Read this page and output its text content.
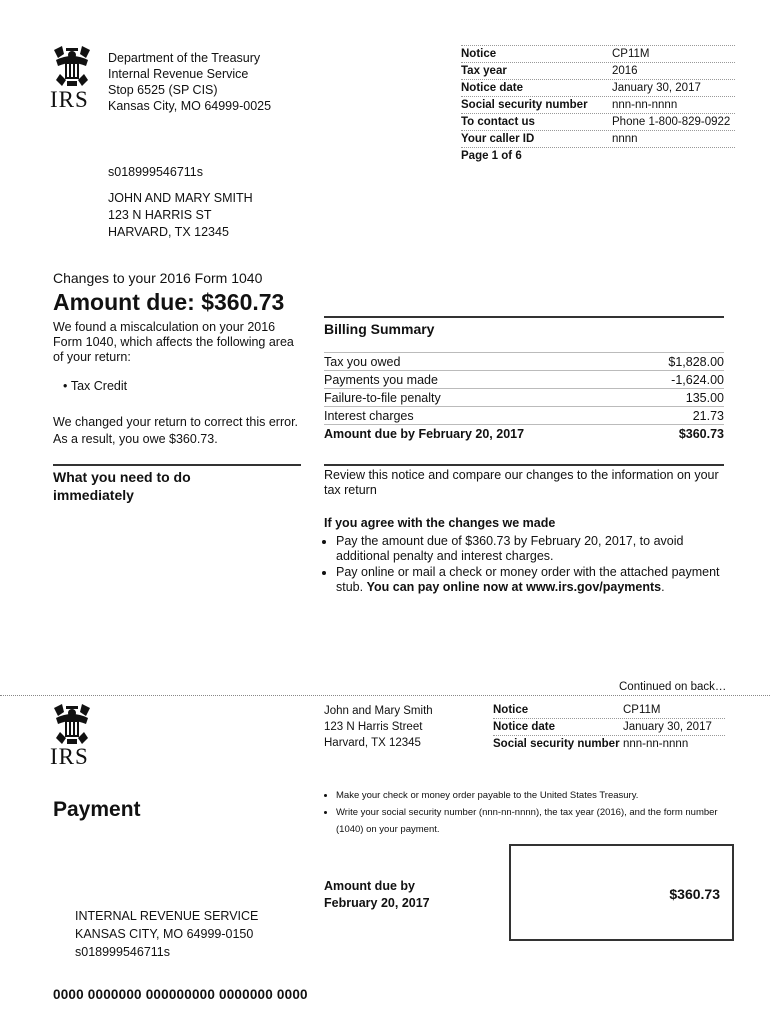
IRS
Department of the Treasury
Internal Revenue Service
Stop 6525 (SP CIS)
Kansas City, MO 64999-0025
Notice	CP11M
Tax year	2016
Notice date	January 30, 2017
Social security number	nnn-nn-nnnn
To contact us	Phone 1-800-829-0922
Your caller ID	nnnn
Page 1 of 6
s018999546711s
JOHN AND MARY SMITH
123 N HARRIS ST
HARVARD, TX 12345
Changes to your 2016 Form 1040
Amount due: $360.73
We found a miscalculation on your 2016
Form 1040, which affects the following area
of your return:
• Tax Credit
We changed your return to correct this error.
As a result, you owe $360.73.
Billing Summary
Tax you owed	$1,828.00
Payments you made	-1,624.00
Failure-to-file penalty	135.00
Interest charges	21.73
Amount due by February 20, 2017	$360.73
What you need to do
immediately
Review this notice and compare our changes to the information on your tax return
If you agree with the changes we made
• Pay the amount due of $360.73 by February 20, 2017, to avoid additional penalty and interest charges.
• Pay online or mail a check or money order with the attached payment stub. You can pay online now at www.irs.gov/payments.
Continued on back…
IRS
John and Mary Smith
123 N Harris Street
Harvard, TX 12345
Notice	CP11M
Notice date	January 30, 2017
Social security number nnn-nn-nnnn
Payment
• Make your check or money order payable to the United States Treasury.
• Write your social security number (nnn-nn-nnnn), the tax year (2016), and the form number (1040) on your payment.
Amount due by
February 20, 2017
$360.73
INTERNAL REVENUE SERVICE
KANSAS CITY, MO 64999-0150
s018999546711s
0000 0000000 000000000 0000000 0000
